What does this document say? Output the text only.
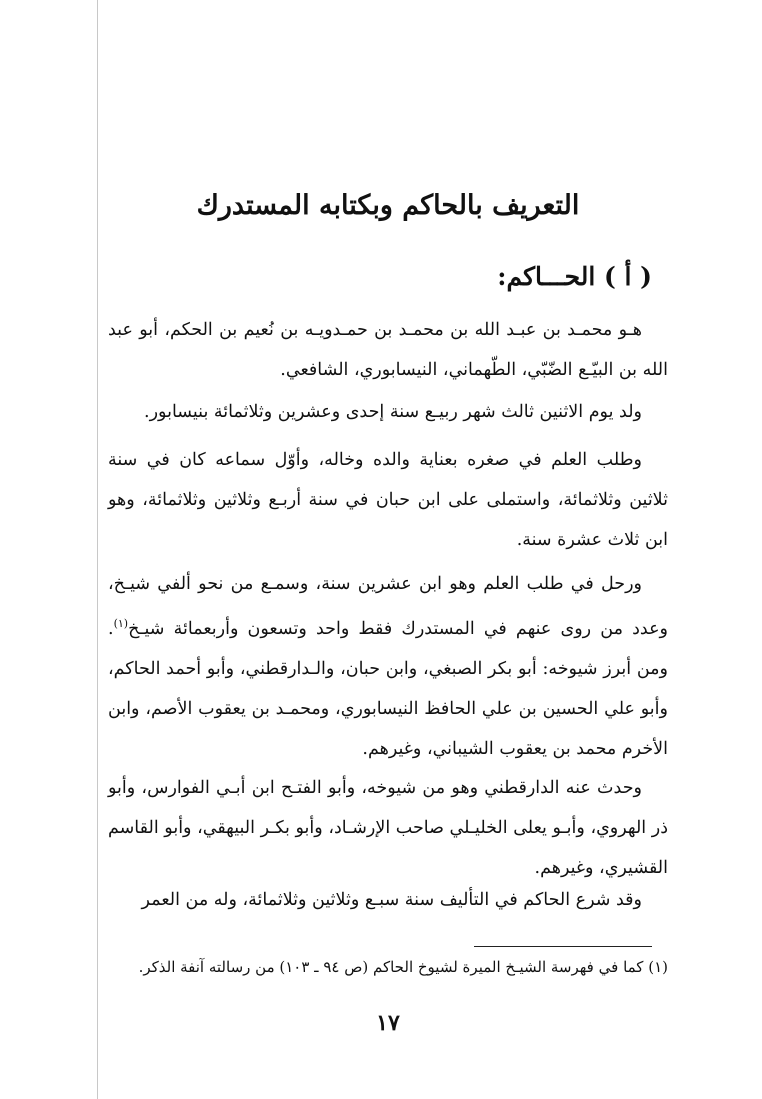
التعريف بالحاكم وبكتابه المستدرك
( أ ) الحـــاكم:
هـو محمـد بن عبـد الله بن محمـد بن حمـدويـه بن نُعيم بن الحكم، أبو عبد الله بن البيّـع الضّبّي، الطّهماني، النيسابوري، الشافعي.
ولد يوم الاثنين ثالث شهر ربيـع سنة إحدى وعشرين وثلاثمائة بنيسابور.
وطلب العلم في صغره بعناية والده وخاله، وأوّل سماعه كان في سنة ثلاثين وثلاثمائة، واستملى على ابن حبان في سنة أربـع وثلاثين وثلاثمائة، وهو ابن ثلاث عشرة سنة.
ورحل في طلب العلم وهو ابن عشرين سنة، وسمـع من نحو ألفي شيـخ، وعدد من روى عنهم في المستدرك فقط واحد وتسعون وأربعمائة شيـخ$^{(١)}$. ومن أبرز شيوخه: أبو بكر الصبغي، وابن حبان، والـدارقطني، وأبو أحمد الحاكم، وأبو علي الحسين بن علي الحافظ النيسابوري، ومحمـد بن يعقوب الأصم، وابن الأخرم محمد بن يعقوب الشيباني، وغيرهم.
وحدث عنه الدارقطني وهو من شيوخه، وأبو الفتـح ابن أبـي الفوارس، وأبو ذر الهروي، وأبـو يعلى الخليـلي صاحب الإرشـاد، وأبو بكـر البيهقي، وأبو القاسم القشيري، وغيرهم.
وقد شرع الحاكم في التأليف سنة سبـع وثلاثين وثلاثمائة، وله من العمر
(١) كما في فهرسة الشيـخ الميرة لشيوخ الحاكم (ص ٩٤ ـ ١٠٣) من رسالته آنفة الذكر.
١٧
